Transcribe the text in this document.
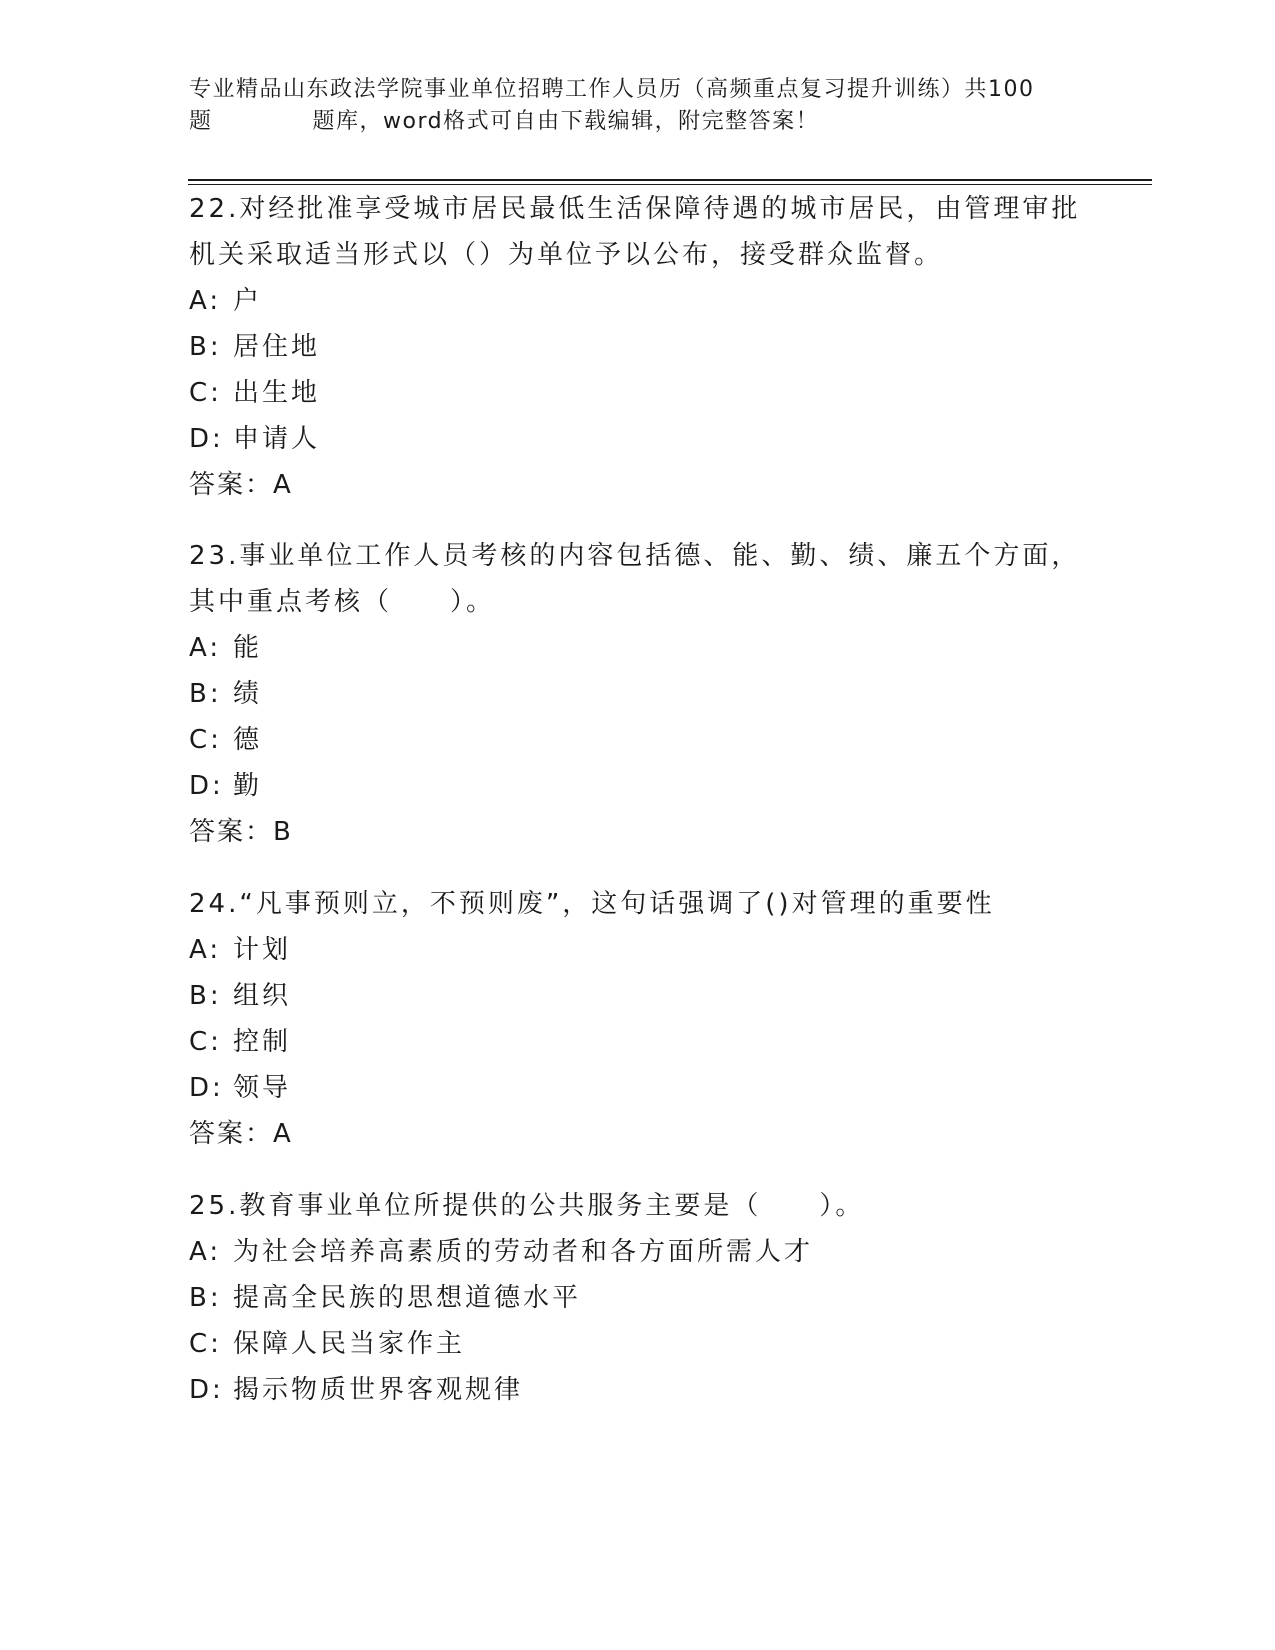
专业精品山东政法学院事业单位招聘工作人员历（高频重点复习提升训练）共100
题	题库，word格式可自由下载编辑，附完整答案！
22.对经批准享受城市居民最低生活保障待遇的城市居民，由管理审批
机关采取适当形式以（）为单位予以公布，接受群众监督。
A: 户
B: 居住地
C: 出生地
D: 申请人
答案：A
23.事业单位工作人员考核的内容包括德、能、勤、绩、廉五个方面，
其中重点考核（　　）。
A: 能
B: 绩
C: 德
D: 勤
答案：B
24.“凡事预则立，不预则废”，这句话强调了()对管理的重要性
A: 计划
B: 组织
C: 控制
D: 领导
答案：A
25.教育事业单位所提供的公共服务主要是（　　）。
A: 为社会培养高素质的劳动者和各方面所需人才
B: 提高全民族的思想道德水平
C: 保障人民当家作主
D: 揭示物质世界客观规律
